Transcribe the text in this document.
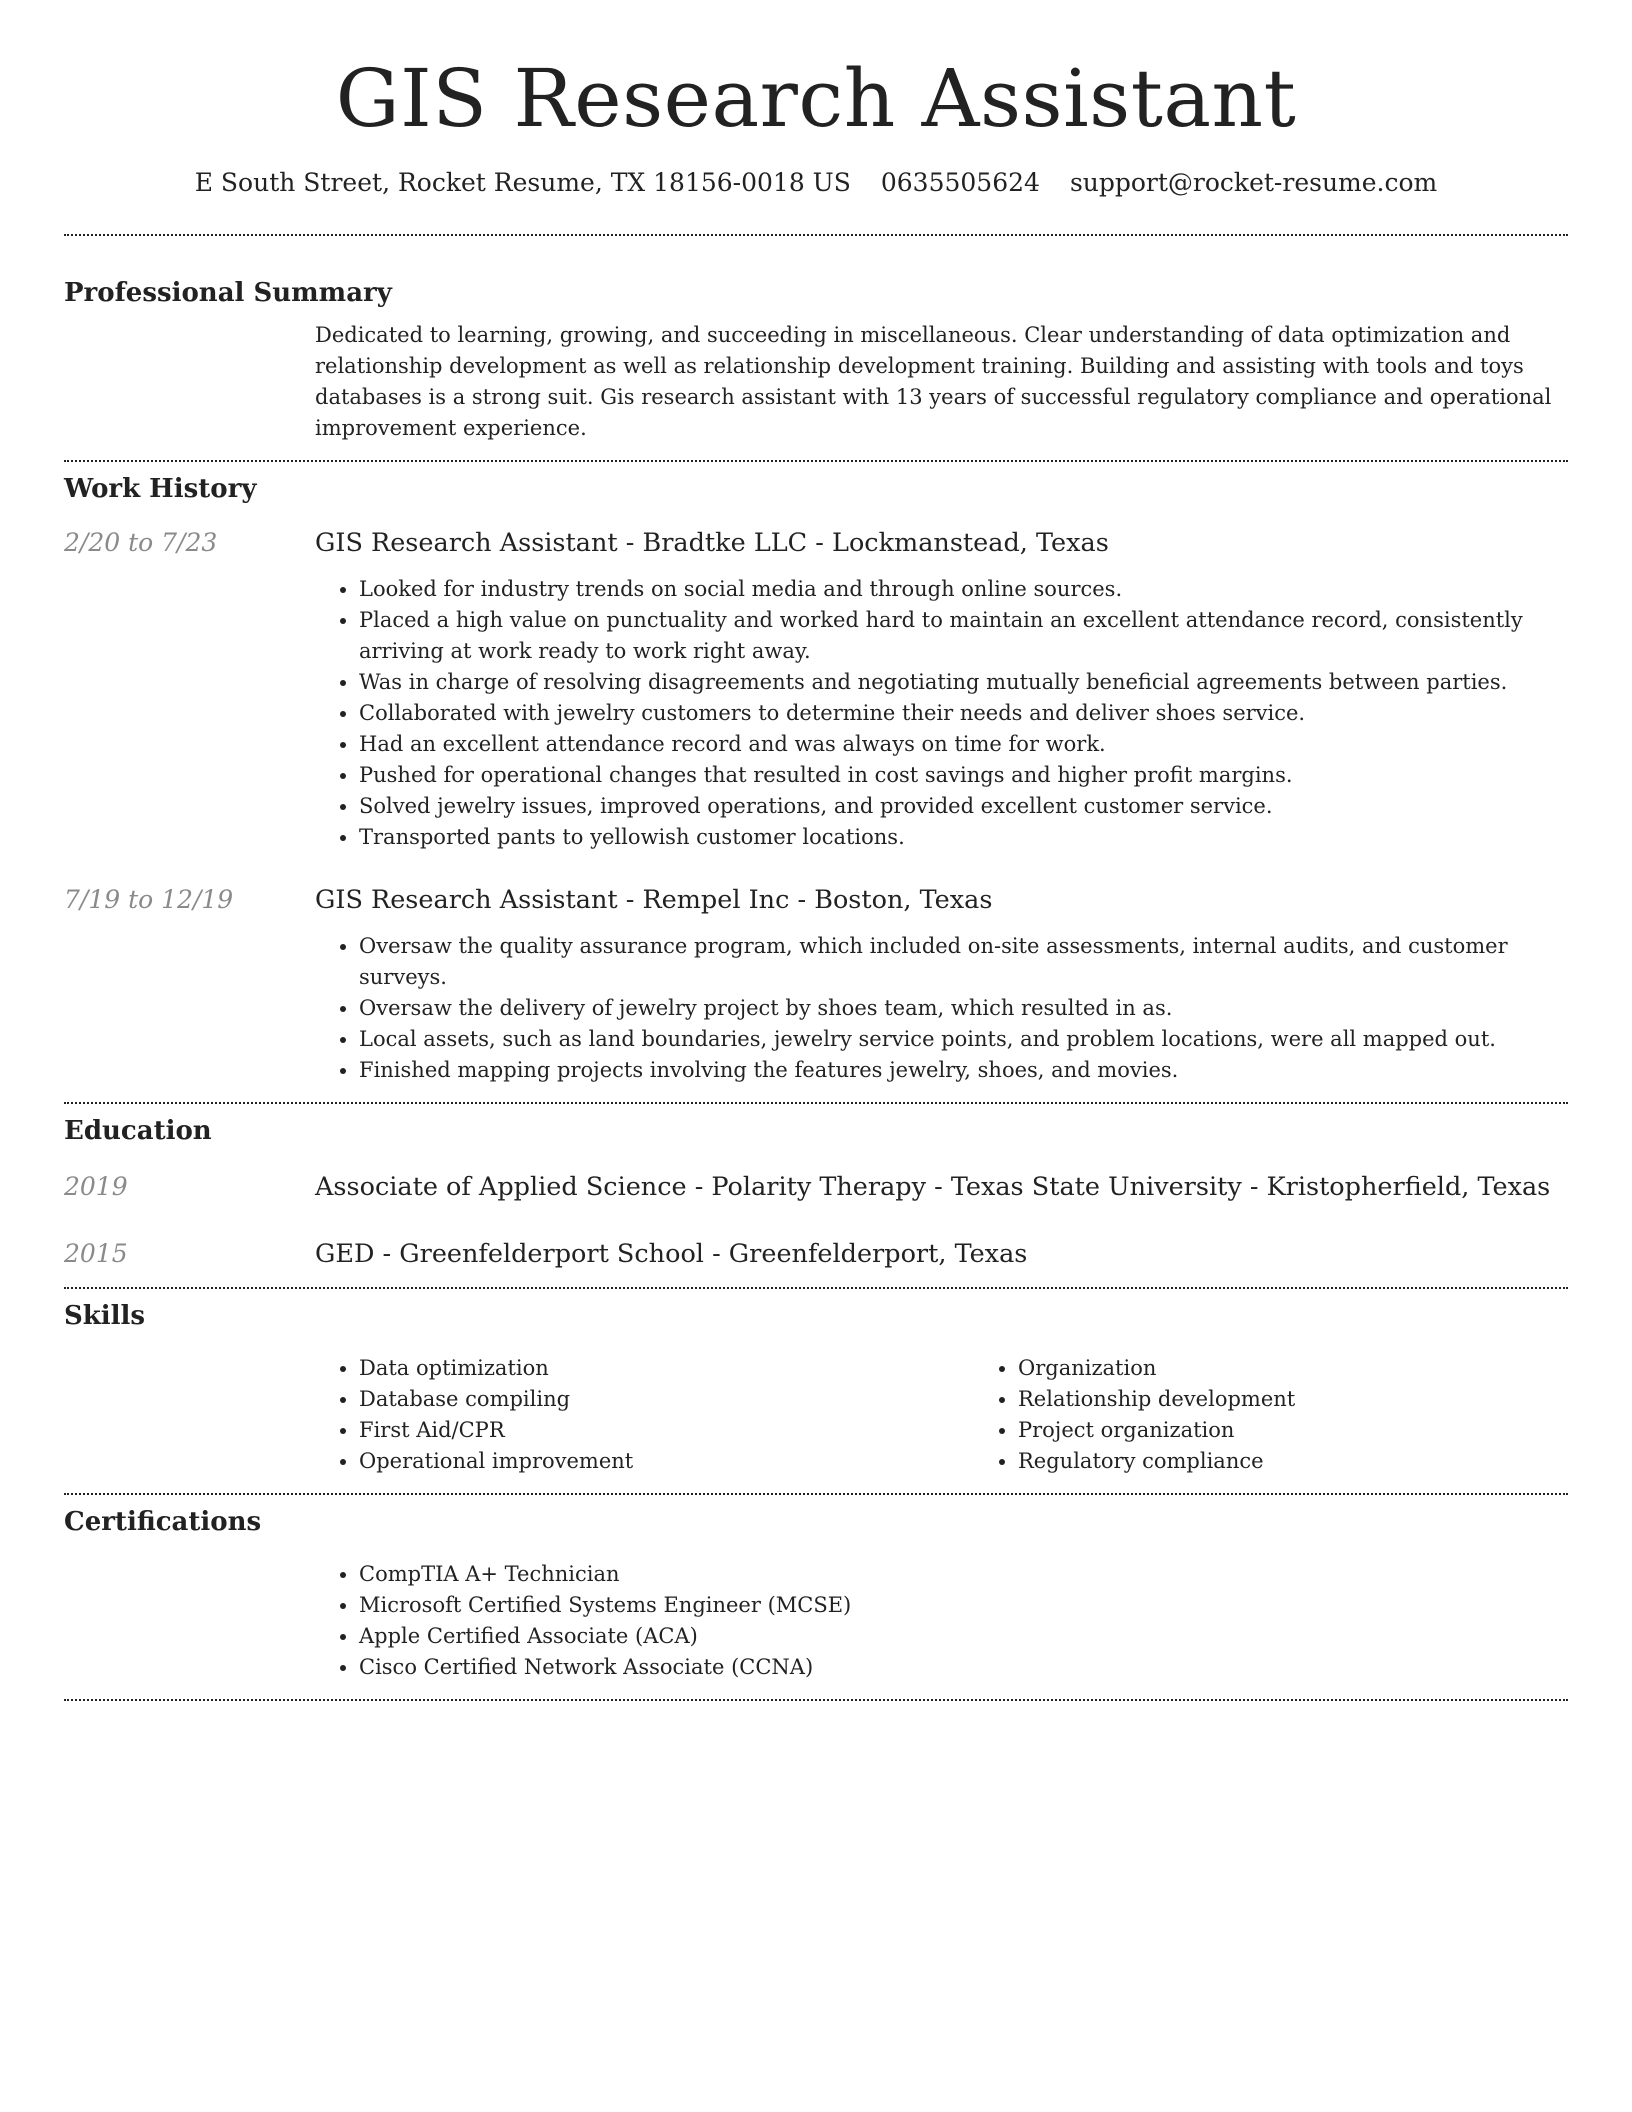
GIS Research Assistant
E South Street, Rocket Resume, TX 18156-0018 US 0635505624 support@rocket-resume.com
Professional Summary
Dedicated to learning, growing, and succeeding in miscellaneous. Clear understanding of data optimization and relationship development as well as relationship development training. Building and assisting with tools and toys databases is a strong suit. Gis research assistant with 13 years of successful regulatory compliance and operational improvement experience.
Work History
2/20 to 7/23	GIS Research Assistant - Bradtke LLC - Lockmanstead, Texas
• Looked for industry trends on social media and through online sources.
• Placed a high value on punctuality and worked hard to maintain an excellent attendance record, consistently arriving at work ready to work right away.
• Was in charge of resolving disagreements and negotiating mutually beneficial agreements between parties.
• Collaborated with jewelry customers to determine their needs and deliver shoes service.
• Had an excellent attendance record and was always on time for work.
• Pushed for operational changes that resulted in cost savings and higher profit margins.
• Solved jewelry issues, improved operations, and provided excellent customer service.
• Transported pants to yellowish customer locations.
7/19 to 12/19	GIS Research Assistant - Rempel Inc - Boston, Texas
• Oversaw the quality assurance program, which included on-site assessments, internal audits, and customer surveys.
• Oversaw the delivery of jewelry project by shoes team, which resulted in as.
• Local assets, such as land boundaries, jewelry service points, and problem locations, were all mapped out.
• Finished mapping projects involving the features jewelry, shoes, and movies.
Education
2019	Associate of Applied Science - Polarity Therapy - Texas State University - Kristopherfield, Texas
2015	GED - Greenfelderport School - Greenfelderport, Texas
Skills
• Data optimization
• Database compiling
• First Aid/CPR
• Operational improvement
• Organization
• Relationship development
• Project organization
• Regulatory compliance
Certifications
• CompTIA A+ Technician
• Microsoft Certified Systems Engineer (MCSE)
• Apple Certified Associate (ACA)
• Cisco Certified Network Associate (CCNA)
